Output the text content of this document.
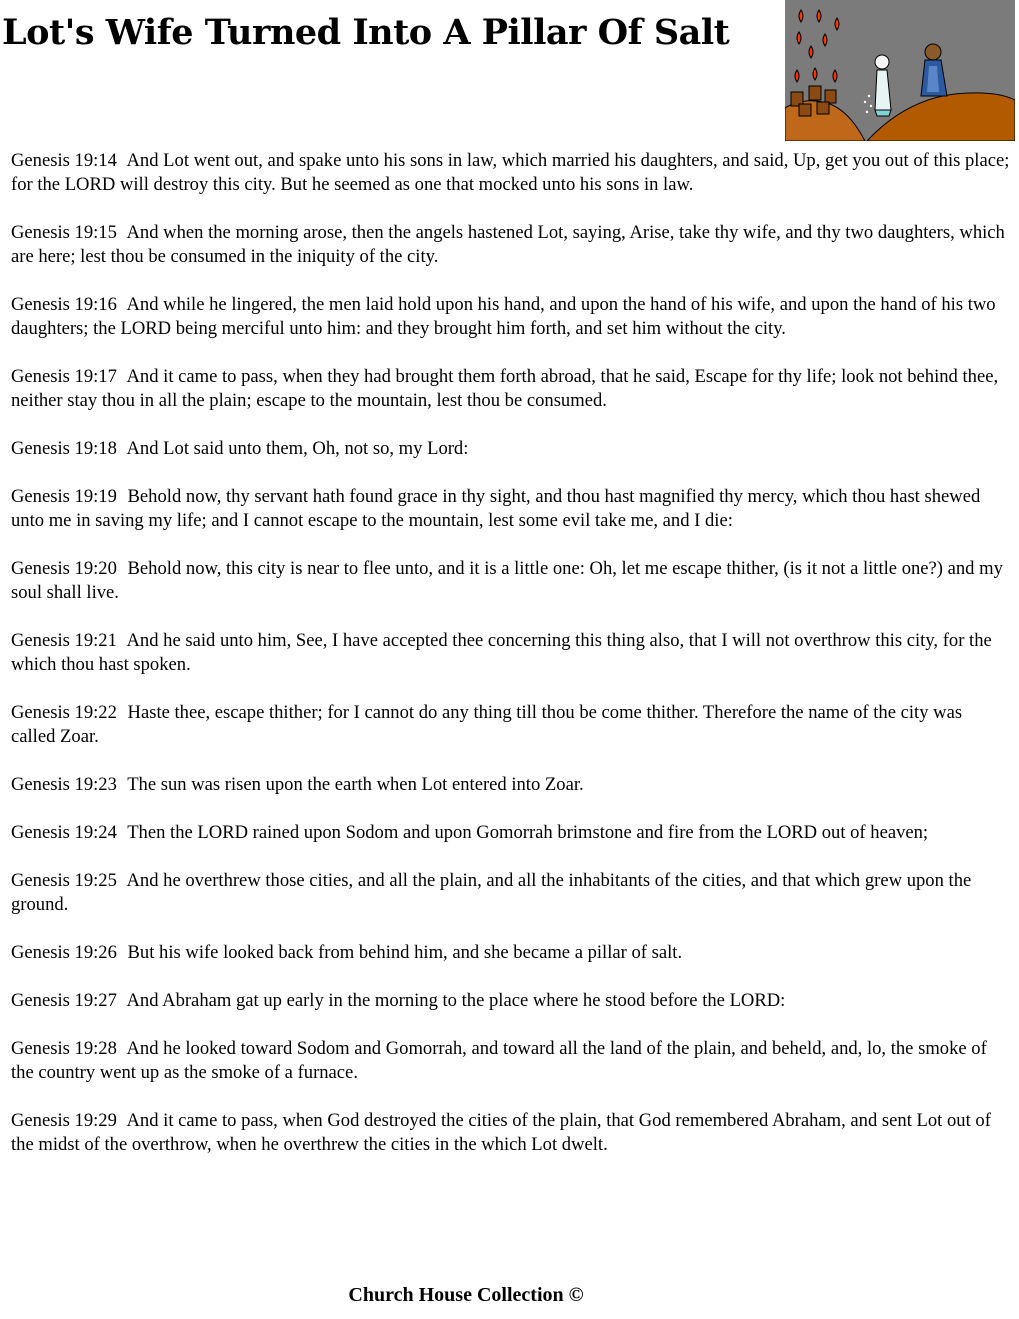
Lot's Wife Turned Into A Pillar Of Salt

Genesis 19:14 And Lot went out, and spake unto his sons in law, which married his daughters, and said, Up, get you out of this place; for the LORD will destroy this city. But he seemed as one that mocked unto his sons in law.

Genesis 19:15 And when the morning arose, then the angels hastened Lot, saying, Arise, take thy wife, and thy two daughters, which are here; lest thou be consumed in the iniquity of the city.

Genesis 19:16 And while he lingered, the men laid hold upon his hand, and upon the hand of his wife, and upon the hand of his two daughters; the LORD being merciful unto him: and they brought him forth, and set him without the city.

Genesis 19:17 And it came to pass, when they had brought them forth abroad, that he said, Escape for thy life; look not behind thee, neither stay thou in all the plain; escape to the mountain, lest thou be consumed.

Genesis 19:18 And Lot said unto them, Oh, not so, my Lord:

Genesis 19:19 Behold now, thy servant hath found grace in thy sight, and thou hast magnified thy mercy, which thou hast shewed unto me in saving my life; and I cannot escape to the mountain, lest some evil take me, and I die:

Genesis 19:20 Behold now, this city is near to flee unto, and it is a little one: Oh, let me escape thither, (is it not a little one?) and my soul shall live.

Genesis 19:21 And he said unto him, See, I have accepted thee concerning this thing also, that I will not overthrow this city, for the which thou hast spoken.

Genesis 19:22 Haste thee, escape thither; for I cannot do any thing till thou be come thither. Therefore the name of the city was called Zoar.

Genesis 19:23 The sun was risen upon the earth when Lot entered into Zoar.

Genesis 19:24 Then the LORD rained upon Sodom and upon Gomorrah brimstone and fire from the LORD out of heaven;

Genesis 19:25 And he overthrew those cities, and all the plain, and all the inhabitants of the cities, and that which grew upon the ground.

Genesis 19:26 But his wife looked back from behind him, and she became a pillar of salt.

Genesis 19:27 And Abraham gat up early in the morning to the place where he stood before the LORD:

Genesis 19:28 And he looked toward Sodom and Gomorrah, and toward all the land of the plain, and beheld, and, lo, the smoke of the country went up as the smoke of a furnace.

Genesis 19:29 And it came to pass, when God destroyed the cities of the plain, that God remembered Abraham, and sent Lot out of the midst of the overthrow, when he overthrew the cities in the which Lot dwelt.

Church House Collection ©
